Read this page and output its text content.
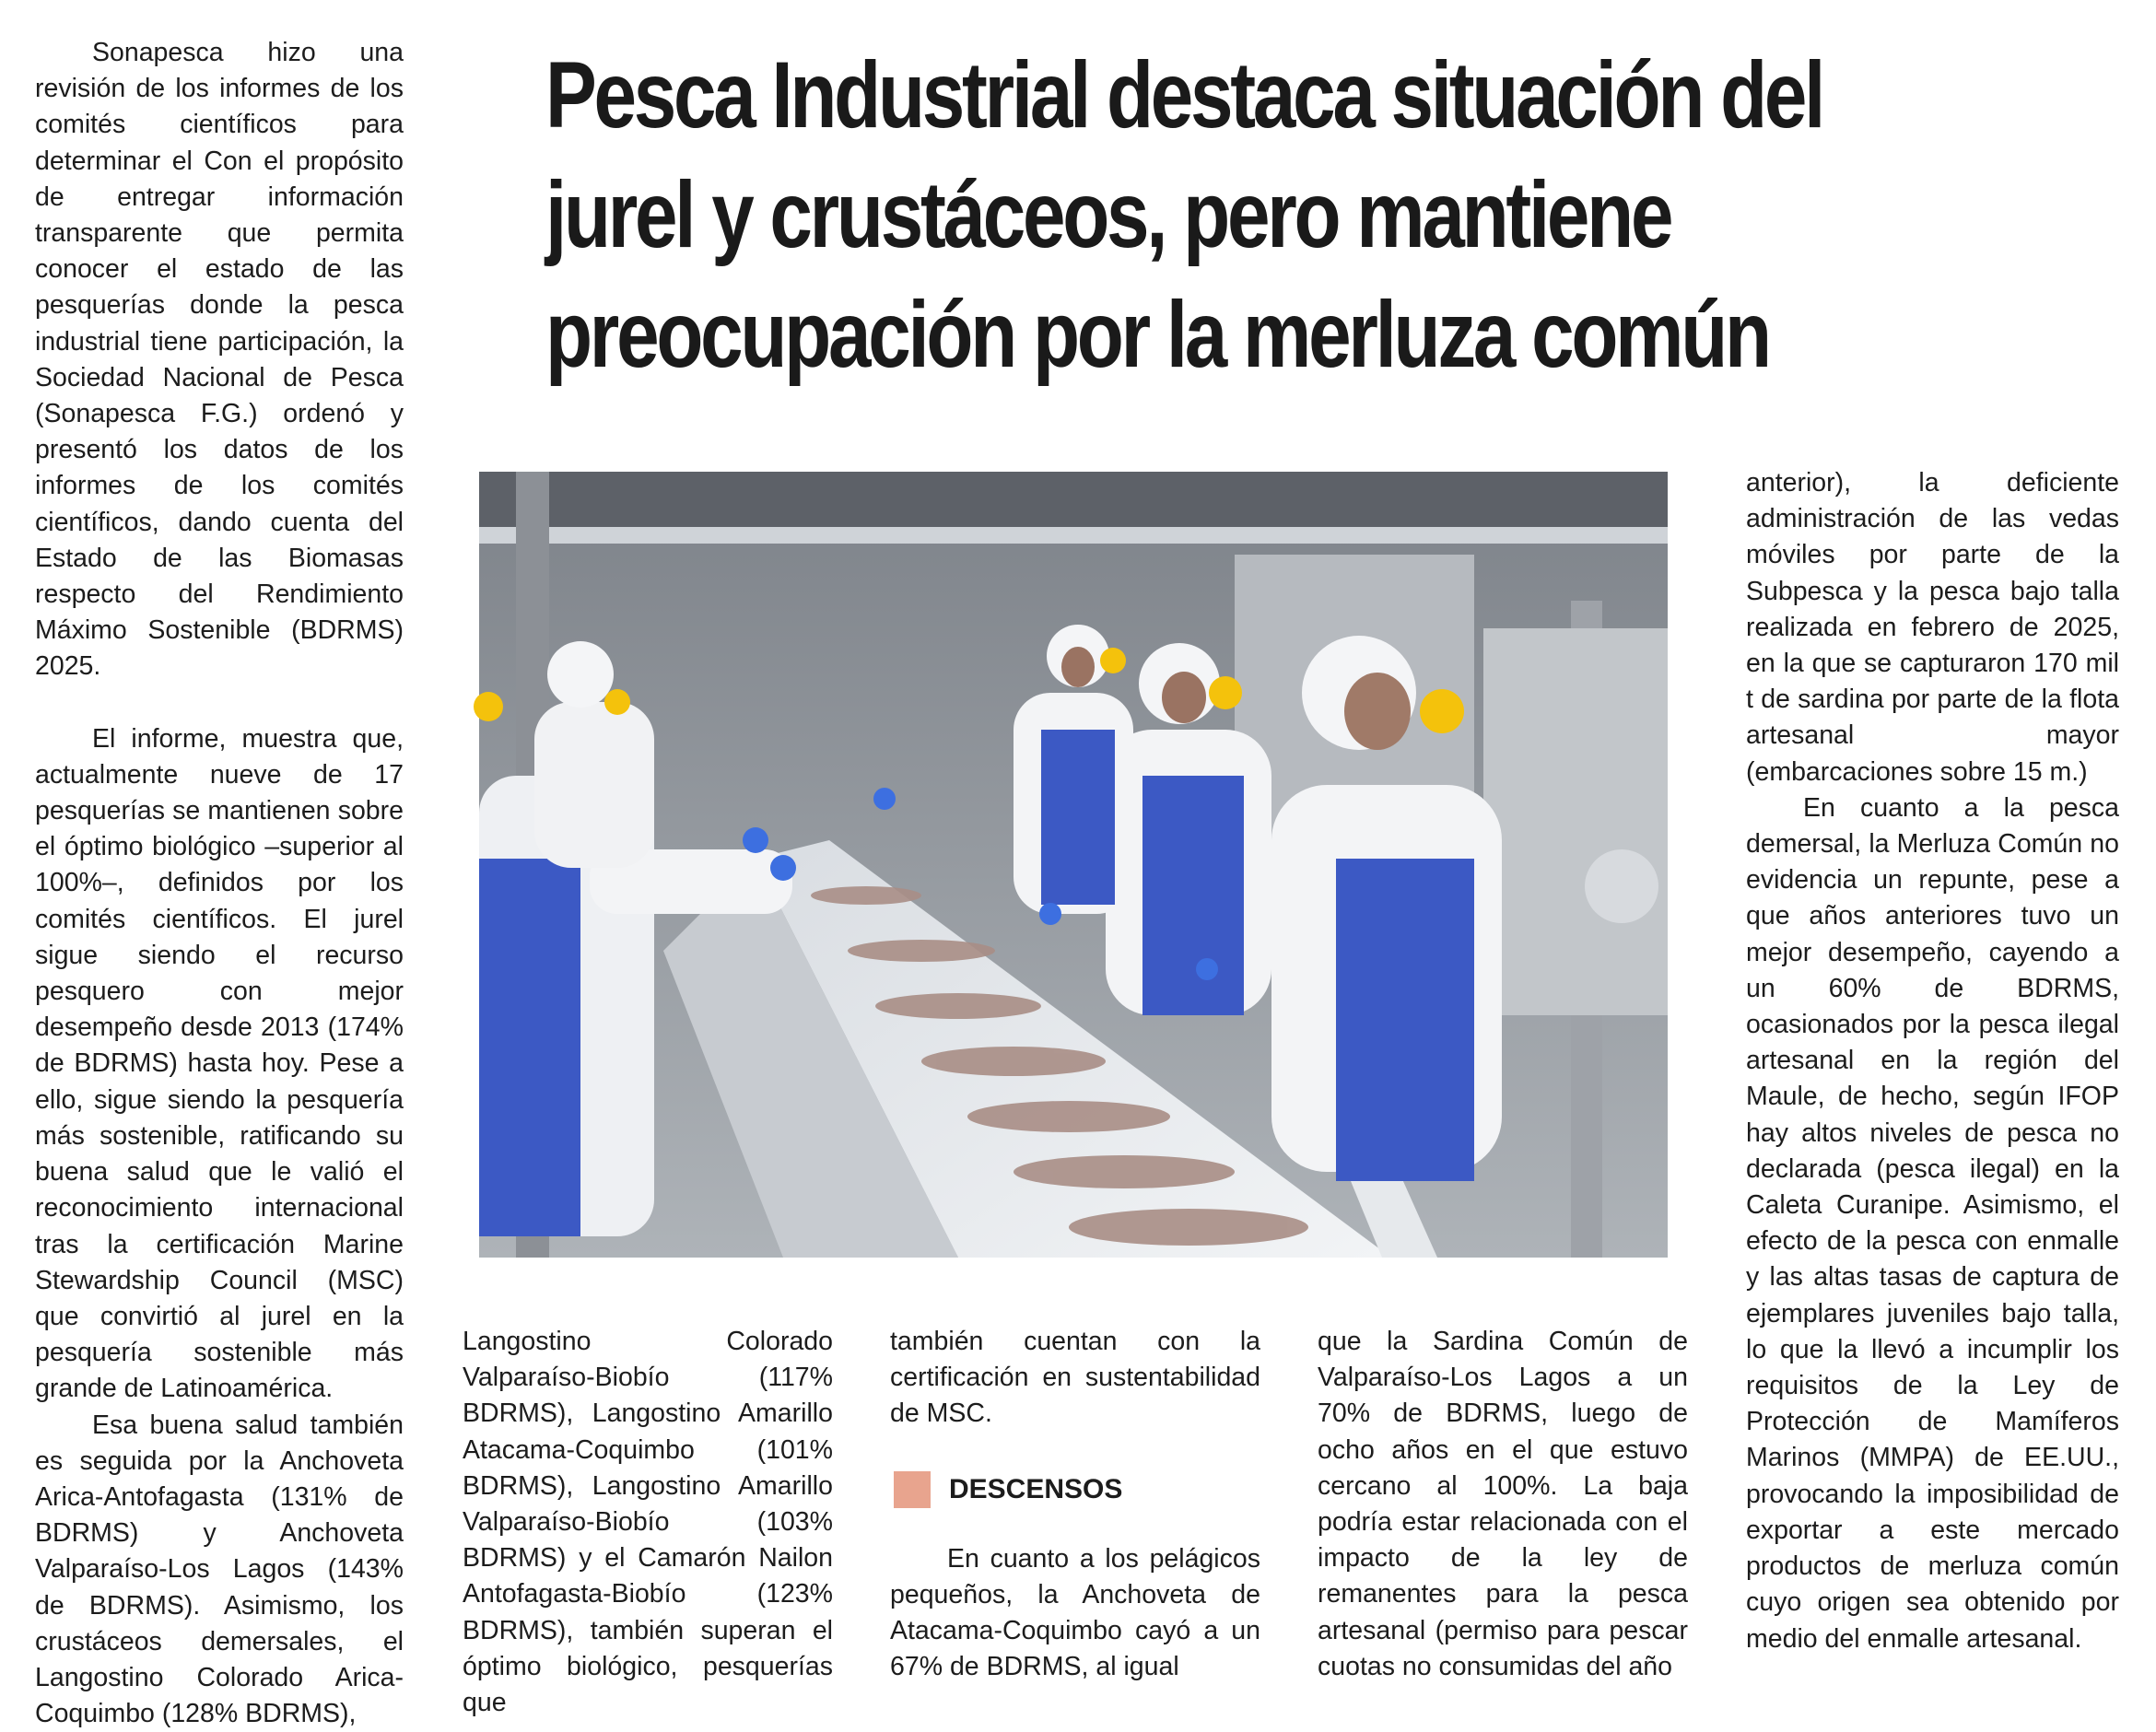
Pesca Industrial destaca situación del jurel y crustáceos, pero mantiene preocupación por la merluza común

Sonapesca hizo una revisión de los informes de los comités científicos para determinar el Con el propósito de entregar información transparente que permita conocer el estado de las pesquerías donde la pesca industrial tiene participación, la Sociedad Nacional de Pesca (Sonapesca F.G.) ordenó y presentó los datos de los informes de los comités científicos, dando cuenta del Estado de las Biomasas respecto del Rendimiento Máximo Sostenible (BDRMS) 2025.

El informe, muestra que, actualmente nueve de 17 pesquerías se mantienen sobre el óptimo biológico –superior al 100%–, definidos por los comités científicos. El jurel sigue siendo el recurso pesquero con mejor desempeño desde 2013 (174% de BDRMS) hasta hoy. Pese a ello, sigue siendo la pesquería más sostenible, ratificando su buena salud que le valió el reconocimiento internacional tras la certificación Marine Stewardship Council (MSC) que convirtió al jurel en la pesquería sostenible más grande de Latinoamérica.

Esa buena salud también es seguida por la Anchoveta Arica-Antofagasta (131% de BDRMS) y Anchoveta Valparaíso-Los Lagos (143% de BDRMS). Asimismo, los crustáceos demersales, el Langostino Colorado Arica-Coquimbo (128% BDRMS),

Langostino Colorado Valparaíso-Biobío (117% BDRMS), Langostino Amarillo Atacama-Coquimbo (101% BDRMS), Langostino Amarillo Valparaíso-Biobío (103% BDRMS) y el Camarón Nailon Antofagasta-Biobío (123% BDRMS), también superan el óptimo biológico, pesquerías que

también cuentan con la certificación en sustentabilidad de MSC.

En cuanto a los pelágicos pequeños, la Anchoveta de Atacama-Coquimbo cayó a un 67% de BDRMS, al igual

DESCENSOS

que la Sardina Común de Valparaíso-Los Lagos a un 70% de BDRMS, luego de ocho años en el que estuvo cercano al 100%. La baja podría estar relacionada con el impacto de la ley de remanentes para la pesca artesanal (permiso para pescar cuotas no consumidas del año

anterior), la deficiente administración de las vedas móviles por parte de la Subpesca y la pesca bajo talla realizada en febrero de 2025, en la que se capturaron 170 mil t de sardina por parte de la flota artesanal mayor (embarcaciones sobre 15 m.)

En cuanto a la pesca demersal, la Merluza Común no evidencia un repunte, pese a que años anteriores tuvo un mejor desempeño, cayendo a un 60% de BDRMS, ocasionados por la pesca ilegal artesanal en la región del Maule, de hecho, según IFOP hay altos niveles de pesca no declarada (pesca ilegal) en la Caleta Curanipe. Asimismo, el efecto de la pesca con enmalle y las altas tasas de captura de ejemplares juveniles bajo talla, lo que la llevó a incumplir los requisitos de la Ley de Protección de Mamíferos Marinos (MMPA) de EE.UU., provocando la imposibilidad de exportar a este mercado productos de merluza común cuyo origen sea obtenido por medio del enmalle artesanal.
